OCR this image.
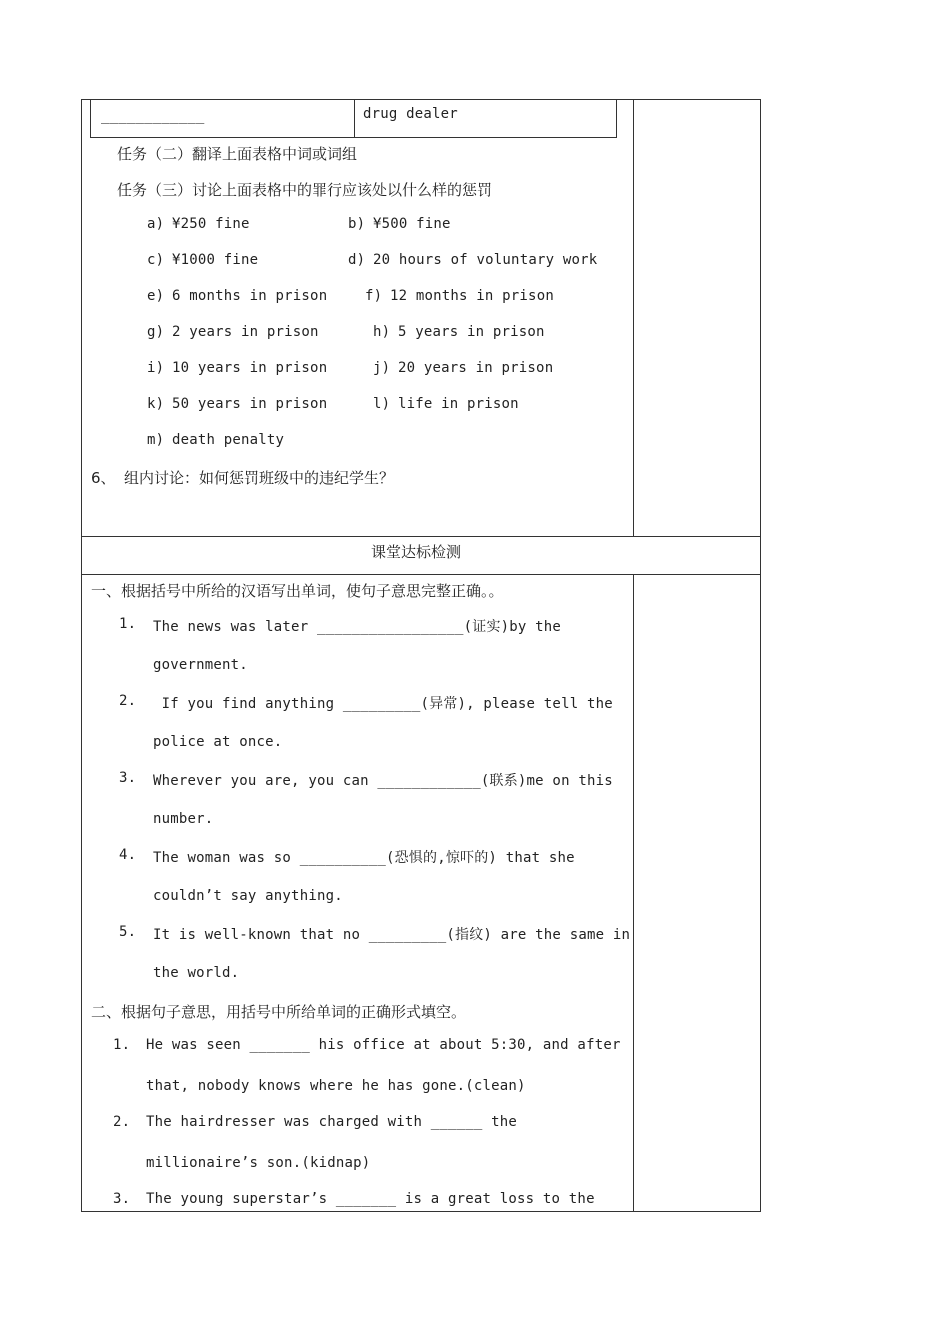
____________	drug dealer
任务（二）翻译上面表格中词或词组
任务（三）讨论上面表格中的罪行应该处以什么样的惩罚
a) ¥250 fine	b) ¥500 fine
c) ¥1000 fine	d) 20 hours of voluntary work
e) 6 months in prison	f) 12 months in prison
g) 2 years in prison	h) 5 years in prison
i) 10 years in prison	j) 20 years in prison
k) 50 years in prison	l) life in prison
m) death penalty
6、 组内讨论：如何惩罚班级中的违纪学生？
课堂达标检测
一、根据括号中所给的汉语写出单词，使句子意思完整正确。。
1. The news was later _________________(证实)by the
government.
2. If you find anything _________(异常), please tell the
police at once.
3. Wherever you are, you can ____________(联系)me on this
number.
4. The woman was so __________(恐惧的,惊吓的) that she
couldn’t say anything.
5. It is well-known that no _________(指纹) are the same in
the world.
二、根据句子意思，用括号中所给单词的正确形式填空。
1. He was seen _______ his office at about 5:30, and after
that, nobody knows where he has gone.(clean)
2. The hairdresser was charged with ______ the
millionaire’s son.(kidnap)
3. The young superstar’s _______ is a great loss to the
